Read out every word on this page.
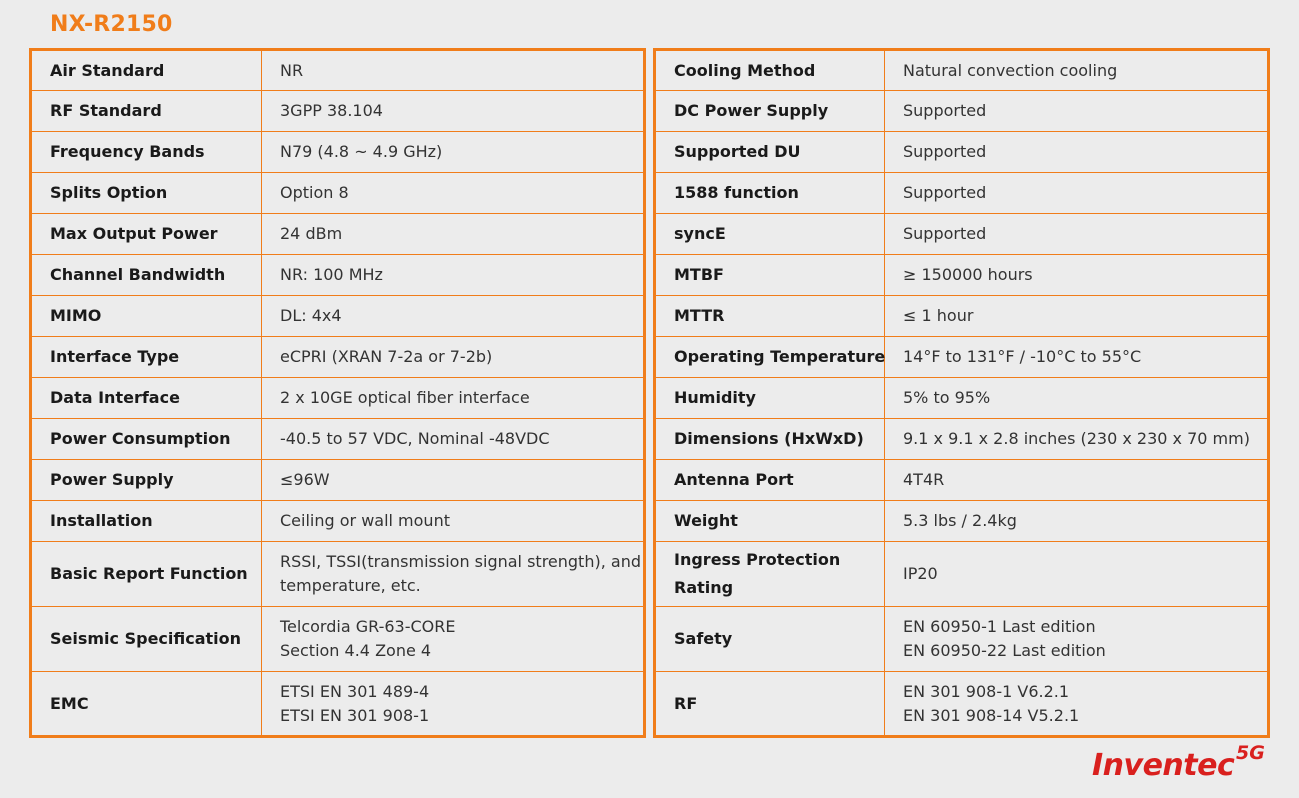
NX-R2150
Air Standard	NR

RF Standard	3GPP 38.104

Frequency Bands	N79 (4.8 ~ 4.9 GHz)

Splits Option	Option 8

Max Output Power	24 dBm

Channel Bandwidth	NR: 100 MHz

MIMO	DL: 4x4

Interface Type	eCPRI (XRAN 7-2a or 7-2b)

Data Interface	2 x 10GE optical fiber interface

Power Consumption	-40.5 to 57 VDC, Nominal -48VDC

Power Supply	≤96W

Installation	Ceiling or wall mount

Basic Report Function	RSSI, TSSI(transmission signal strength), and
temperature, etc.

Seismic Specification	Telcordia GR-63-CORE
Section 4.4 Zone 4

EMC	ETSI EN 301 489-4
ETSI EN 301 908-1
Cooling Method	Natural convection cooling

DC Power Supply	Supported

Supported DU	Supported

1588 function	Supported

syncE	Supported

MTBF	≥ 150000 hours

MTTR	≤ 1 hour

Operating Temperature	14°F to 131°F / -10°C to 55°C

Humidity	5% to 95%

Dimensions (HxWxD)	9.1 x 9.1 x 2.8 inches (230 x 230 x 70 mm)

Antenna Port	4T4R

Weight	5.3 lbs / 2.4kg

Ingress Protection
Rating	IP20

Safety	EN 60950-1 Last edition
EN 60950-22 Last edition

RF	EN 301 908-1 V6.2.1
EN 301 908-14 V5.2.1
Inventec 5G
